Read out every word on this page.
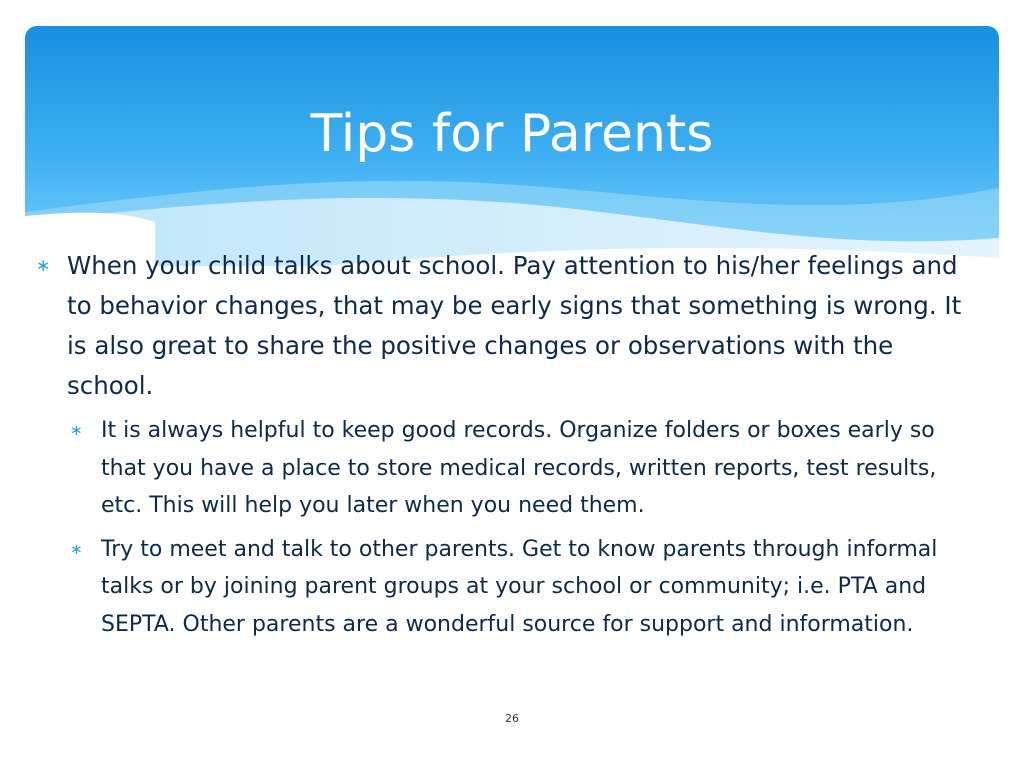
Tips for Parents
∗ When your child talks about school. Pay attention to his/her feelings and to behavior changes, that may be early signs that something is wrong. It is also great to share the positive changes or observations with the school.
∗ It is always helpful to keep good records. Organize folders or boxes early so that you have a place to store medical records, written reports, test results, etc. This will help you later when you need them.
∗ Try to meet and talk to other parents. Get to know parents through informal talks or by joining parent groups at your school or community; i.e. PTA and SEPTA. Other parents are a wonderful source for support and information.
26
